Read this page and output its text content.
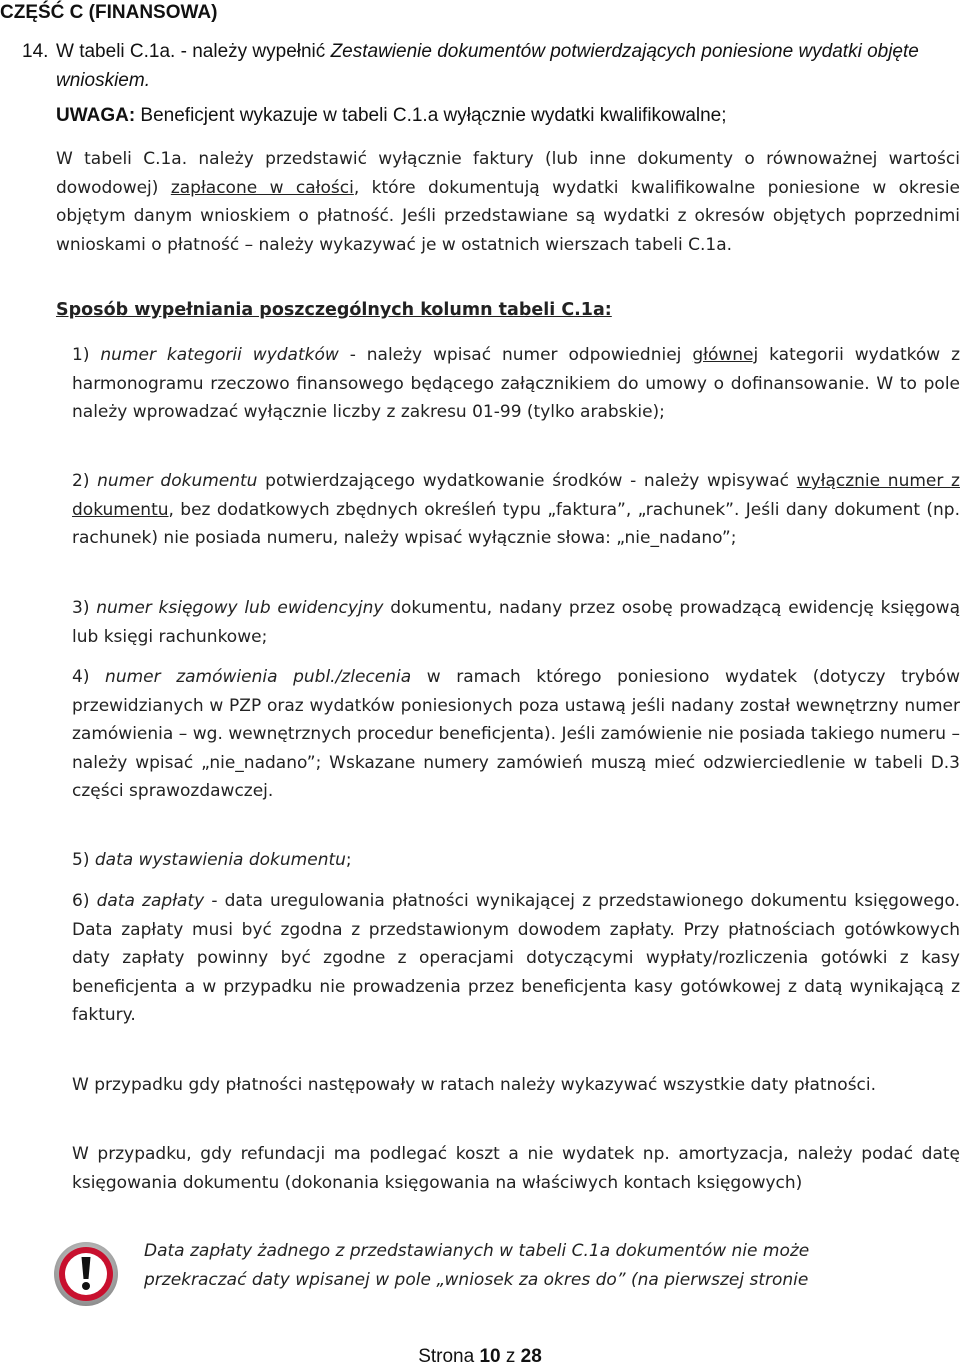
CZĘŚĆ C (FINANSOWA)
14. W tabeli C.1a. - należy wypełnić Zestawienie dokumentów potwierdzających poniesione wydatki objęte wnioskiem.
UWAGA: Beneficjent wykazuje w tabeli C.1.a wyłącznie wydatki kwalifikowalne;
W tabeli C.1a. należy przedstawić wyłącznie faktury (lub inne dokumenty o równoważnej wartości dowodowej) zapłacone w całości, które dokumentują wydatki kwalifikowalne poniesione w okresie objętym danym wnioskiem o płatność. Jeśli przedstawiane są wydatki z okresów objętych poprzednimi wnioskami o płatność – należy wykazywać je w ostatnich wierszach tabeli C.1a.
Sposób wypełniania poszczególnych kolumn tabeli C.1a:
1) numer kategorii wydatków - należy wpisać numer odpowiedniej głównej kategorii wydatków z harmonogramu rzeczowo finansowego będącego załącznikiem do umowy o dofinansowanie. W to pole należy wprowadzać wyłącznie liczby z zakresu 01-99 (tylko arabskie);
2) numer dokumentu potwierdzającego wydatkowanie środków - należy wpisywać wyłącznie numer z dokumentu, bez dodatkowych zbędnych określeń typu „faktura”, „rachunek”. Jeśli dany dokument (np. rachunek) nie posiada numeru, należy wpisać wyłącznie słowa: „nie_nadano”;
3) numer księgowy lub ewidencyjny dokumentu, nadany przez osobę prowadzącą ewidencję księgową lub księgi rachunkowe;
4) numer zamówienia publ./zlecenia w ramach którego poniesiono wydatek (dotyczy trybów przewidzianych w PZP oraz wydatków poniesionych poza ustawą jeśli nadany został wewnętrzny numer zamówienia – wg. wewnętrznych procedur beneficjenta). Jeśli zamówienie nie posiada takiego numeru – należy wpisać „nie_nadano”; Wskazane numery zamówień muszą mieć odzwierciedlenie w tabeli D.3 części sprawozdawczej.
5) data wystawienia dokumentu;
6) data zapłaty - data uregulowania płatności wynikającej z przedstawionego dokumentu księgowego. Data zapłaty musi być zgodna z przedstawionym dowodem zapłaty. Przy płatnościach gotówkowych daty zapłaty powinny być zgodne z operacjami dotyczącymi wypłaty/rozliczenia gotówki z kasy beneficjenta a w przypadku nie prowadzenia przez beneficjenta kasy gotówkowej z datą wynikającą z faktury.
W przypadku gdy płatności następowały w ratach należy wykazywać wszystkie daty płatności.
W przypadku, gdy refundacji ma podlegać koszt a nie wydatek np. amortyzacja, należy podać datę księgowania dokumentu (dokonania księgowania na właściwych kontach księgowych)
Data zapłaty żadnego z przedstawianych w tabeli C.1a dokumentów nie może
przekraczać daty wpisanej w pole „wniosek za okres do” (na pierwszej stronie
Strona 10 z 28
